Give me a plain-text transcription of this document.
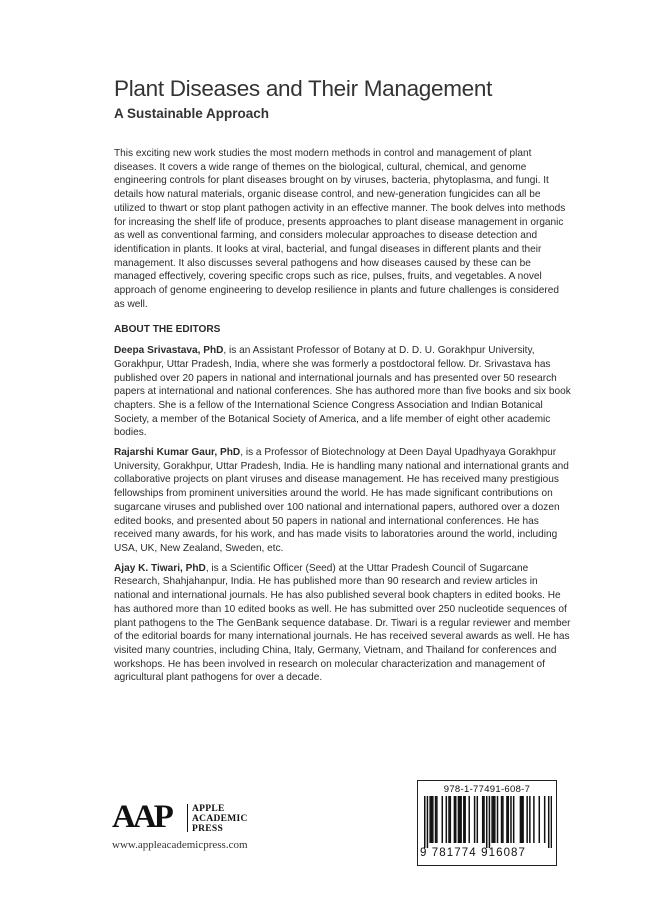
Plant Diseases and Their Management
A Sustainable Approach

This exciting new work studies the most modern methods in control and management of plant diseases. It covers a wide range of themes on the biological, cultural, chemical, and genome engineering controls for plant diseases brought on by viruses, bacteria, phytoplasma, and fungi. It details how natural materials, organic disease control, and new-generation fungicides can all be utilized to thwart or stop plant pathogen activity in an effective manner. The book delves into methods for increasing the shelf life of produce, presents approaches to plant disease management in organic as well as conventional farming, and considers molecular approaches to disease detection and identification in plants. It looks at viral, bacterial, and fungal diseases in different plants and their management. It also discusses several pathogens and how diseases caused by these can be managed effectively, covering specific crops such as rice, pulses, fruits, and vegetables. A novel approach of genome engineering to develop resilience in plants and future challenges is considered as well.

ABOUT THE EDITORS

Deepa Srivastava, PhD, is an Assistant Professor of Botany at D. D. U. Gorakhpur University, Gorakhpur, Uttar Pradesh, India, where she was formerly a postdoctoral fellow. Dr. Srivastava has published over 20 papers in national and international journals and has presented over 50 research papers at international and national conferences. She has authored more than five books and six book chapters. She is a fellow of the International Science Congress Association and Indian Botanical Society, a member of the Botanical Society of America, and a life member of eight other academic bodies.

Rajarshi Kumar Gaur, PhD, is a Professor of Biotechnology at Deen Dayal Upadhyaya Gorakhpur University, Gorakhpur, Uttar Pradesh, India. He is handling many national and international grants and collaborative projects on plant viruses and disease management. He has received many prestigious fellowships from prominent universities around the world. He has made significant contributions on sugarcane viruses and published over 100 national and international papers, authored over a dozen edited books, and presented about 50 papers in national and international conferences. He has received many awards, for his work, and has made visits to laboratories around the world, including USA, UK, New Zealand, Sweden, etc.

Ajay K. Tiwari, PhD, is a Scientific Officer (Seed) at the Uttar Pradesh Council of Sugarcane Research, Shahjahanpur, India. He has published more than 90 research and review articles in national and international journals. He has also published several book chapters in edited books. He has authored more than 10 edited books as well. He has submitted over 250 nucleotide sequences of plant pathogens to the The GenBank sequence database. Dr. Tiwari is a regular reviewer and member of the editorial boards for many international journals. He has received several awards as well. He has visited many countries, including China, Italy, Germany, Vietnam, and Thailand for conferences and workshops. He has been involved in research on molecular characterization and management of agricultural plant pathogens for over a decade.

AAP APPLE
ACADEMIC
PRESS
www.appleacademicpress.com
978-1-77491-608-7
9 781774 916087
